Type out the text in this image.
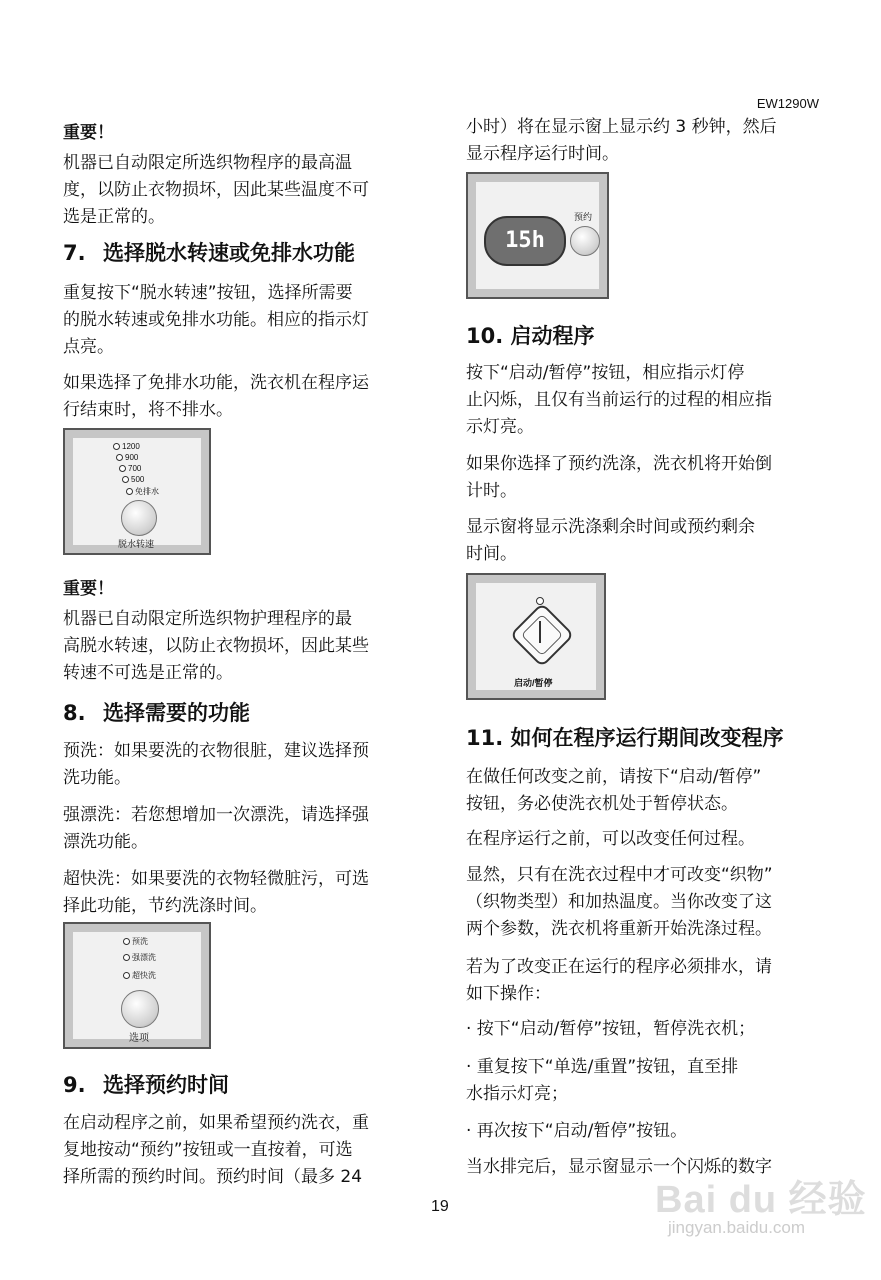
EW1290W
重要！

机器已自动限定所选织物程序的最高温

度，以防止衣物损坏，因此某些温度不可

选是正常的。

7. 选择脱水转速或免排水功能

重复按下“脱水转速”按钮，选择所需要

的脱水转速或免排水功能。相应的指示灯

点亮。

如果选择了免排水功能，洗衣机在程序运

行结束时，将不排水。

1200
900
700
500
免排水
脱水转速
重要！

机器已自动限定所选织物护理程序的最

高脱水转速，以防止衣物损坏，因此某些

转速不可选是正常的。

8. 选择需要的功能

预洗：如果要洗的衣物很脏，建议选择预

洗功能。

强漂洗：若您想增加一次漂洗，请选择强

漂洗功能。

超快洗：如果要洗的衣物轻微脏污，可选

择此功能，节约洗涤时间。

预洗
强漂洗
超快洗
选项
9. 选择预约时间

在启动程序之前，如果希望预约洗衣，重

复地按动“预约”按钮或一直按着，可选

择所需的预约时间。预约时间（最多 24

小时）将在显示窗上显示约 3 秒钟，然后

显示程序运行时间。

15h
预约
10. 启动程序

按下“启动/暂停”按钮，相应指示灯停

止闪烁，且仅有当前运行的过程的相应指

示灯亮。

如果你选择了预约洗涤，洗衣机将开始倒

计时。

显示窗将显示洗涤剩余时间或预约剩余

时间。

启动/暂停
11. 如何在程序运行期间改变程序

在做任何改变之前，请按下“启动/暂停”

按钮，务必使洗衣机处于暂停状态。

在程序运行之前，可以改变任何过程。

显然，只有在洗衣过程中才可改变“织物”

（织物类型）和加热温度。当你改变了这

两个参数，洗衣机将重新开始洗涤过程。

若为了改变正在运行的程序必须排水，请

如下操作：

· 按下“启动/暂停”按钮，暂停洗衣机；

· 重复按下“单选/重置”按钮，直至排

水指示灯亮；

· 再次按下“启动/暂停”按钮。

当水排完后，显示窗显示一个闪烁的数字

19	Bai du 经验
jingyan.baidu.com
